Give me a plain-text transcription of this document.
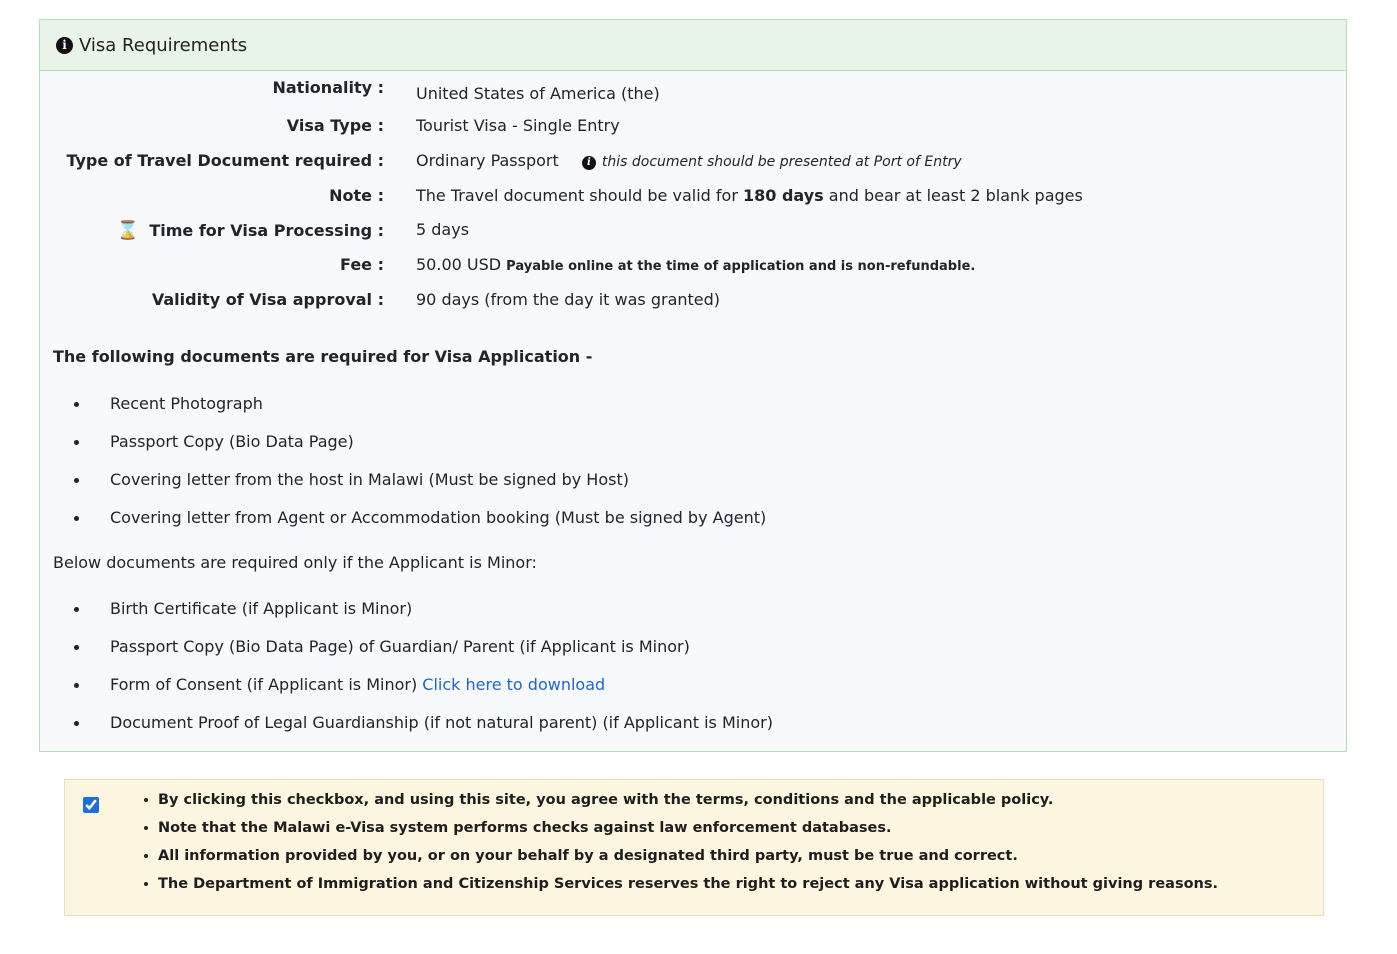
i Visa Requirements
Nationality : United States of America (the)
Visa Type : Tourist Visa - Single Entry
Type of Travel Document required : Ordinary Passport	i this document should be presented at Port of Entry
Note : The Travel document should be valid for 180 days and bear at least 2 blank pages
⌛ Time for Visa Processing : 5 days
Fee : 50.00 USD Payable online at the time of application and is non-refundable.
Validity of Visa approval : 90 days (from the day it was granted)
The following documents are required for Visa Application -
Recent Photograph
Passport Copy (Bio Data Page)
Covering letter from the host in Malawi (Must be signed by Host)
Covering letter from Agent or Accommodation booking (Must be signed by Agent)
Below documents are required only if the Applicant is Minor:
Birth Certificate (if Applicant is Minor)
Passport Copy (Bio Data Page) of Guardian/ Parent (if Applicant is Minor)
Form of Consent (if Applicant is Minor) Click here to download
Document Proof of Legal Guardianship (if not natural parent) (if Applicant is Minor)
By clicking this checkbox, and using this site, you agree with the terms, conditions and the applicable policy.
Note that the Malawi e-Visa system performs checks against law enforcement databases.
All information provided by you, or on your behalf by a designated third party, must be true and correct.
The Department of Immigration and Citizenship Services reserves the right to reject any Visa application without giving reasons.
